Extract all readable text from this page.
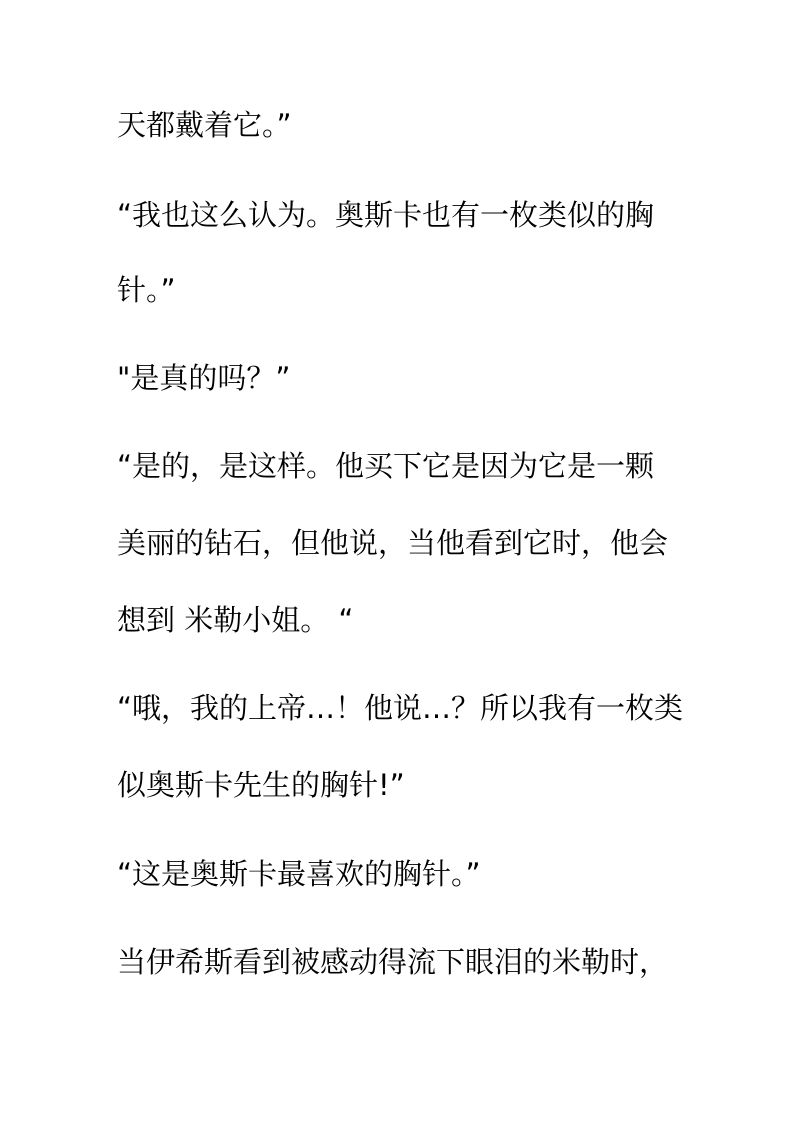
天都戴着它。”
“我也这么认为。奥斯卡也有一枚类似的胸
针。”
"是真的吗？”
“是的，是这样。他买下它是因为它是一颗
美丽的钻石，但他说，当他看到它时，他会
想到 米勒小姐。 “
“哦，我的上帝…！他说…？所以我有一枚类
似奥斯卡先生的胸针!”
“这是奥斯卡最喜欢的胸针。”
当伊希斯看到被感动得流下眼泪的米勒时，
